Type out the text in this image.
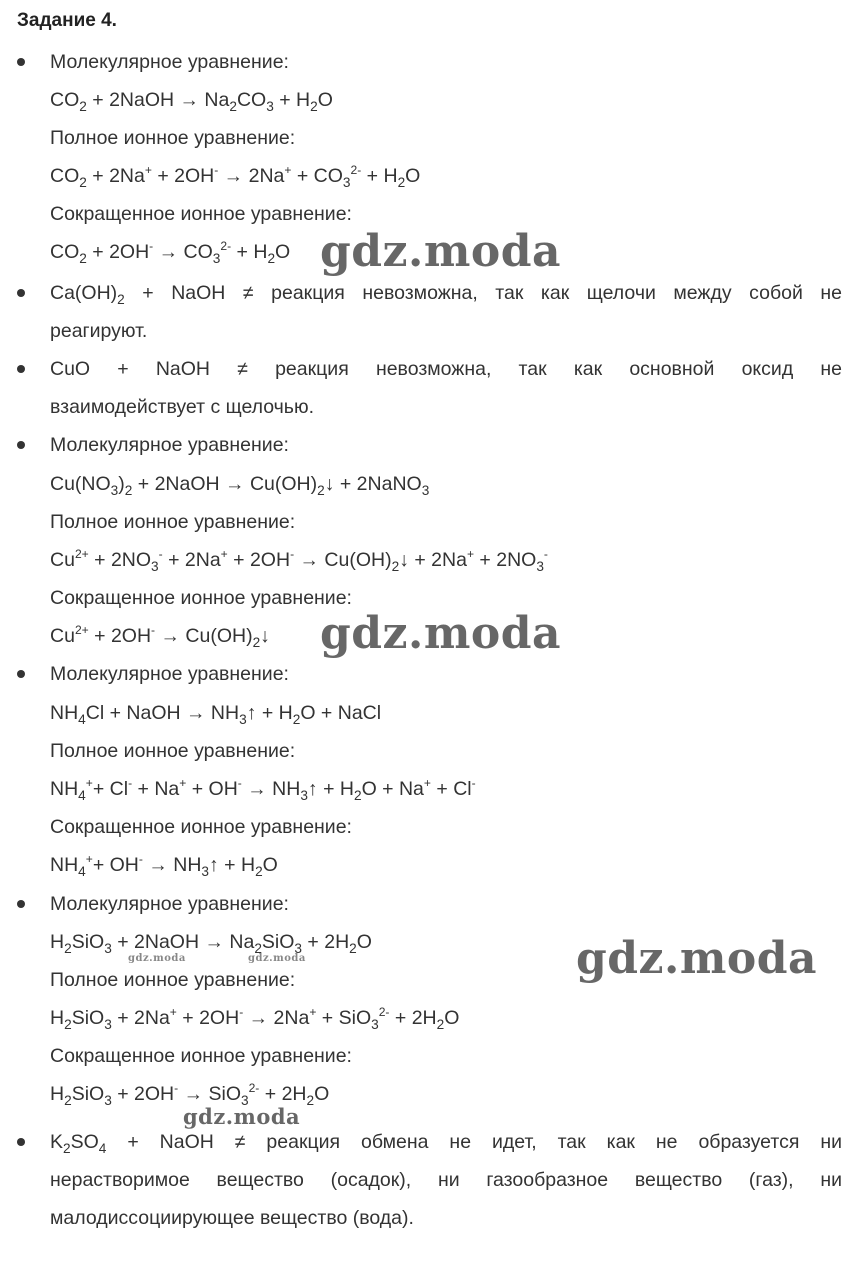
Задание 4.
Молекулярное уравнение:
$CO_2$ + 2NaOH → $Na_2CO_3 + H_2O$
Полное ионное уравнение:
$CO_2 + 2Na^+ + 2OH^- \to 2Na^+ + CO_3^{2-} + H_2O$
Сокращенное ионное уравнение:
$CO_2 + 2OH^- \to CO_3^{2-} + H_2O$
$Ca(OH)_2$ + NaOH ≠ реакция невозможна, так как щелочи между собой не
реагируют.
CuO + NaOH ≠ реакция невозможна, так как основной оксид не
взаимодействует с щелочью.
Молекулярное уравнение:
$Cu(NO_3)_2$ + 2NaOH → $Cu(OH)_2↓$ + 2NaNO$_3$
Полное ионное уравнение:
$Cu^{2+} + 2NO_3^- + 2Na^+ + 2OH^-$ → $Cu(OH)_2↓ + 2Na^+ + 2NO_3^-$
Сокращенное ионное уравнение:
$Cu^{2+} + 2OH^-$ → $Cu(OH)_2↓$
Молекулярное уравнение:
$NH_4Cl$ + NaOH → $NH_3↑ + H_2O$ + NaCl
Полное ионное уравнение:
$NH_4^++ Cl^- + Na^+ + OH^-$ → $NH_3↑ + H_2O + Na^+ + Cl^-$
Сокращенное ионное уравнение:
$NH_4^++ OH^-$ → $NH_3↑ + H_2O$
Молекулярное уравнение:
$H_2SiO_3$ + 2NaOH → $Na_2SiO_3 + 2H_2O$
Полное ионное уравнение:
$H_2SiO_3 + 2Na^+ + 2OH^- \to 2Na^+ + SiO_3^{2-} + 2H_2O$
Сокращенное ионное уравнение:
$H_2SiO_3 + 2OH^- \to SiO_3^{2-} + 2H_2O$
$K_2SO_4$ + NaOH ≠ реакция обмена не идет, так как не образуется ни
нерастворимое вещество (осадок), ни газообразное вещество (газ), ни
малодиссоциирующее вещество (вода).
gdz.moda
gdz.moda
gdz.moda
gdz.moda
gdz.moda	gdz.moda
